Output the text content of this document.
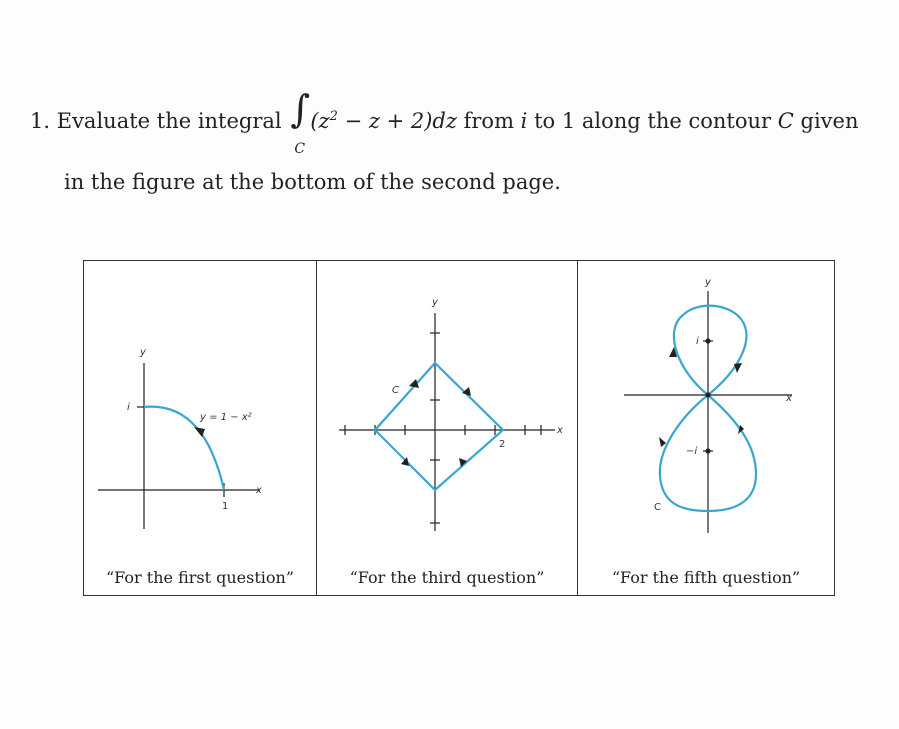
1. Evaluate the integral ∫
C
$(z^2 - z + 2)dz$ from i to 1 along the contour C given
in the figure at the bottom of the second page.
y
x
i
1
y = 1 − x²
“For the first question”
y
x
C
2
“For the third question”
y
x
i
−i
C
“For the fifth question”
